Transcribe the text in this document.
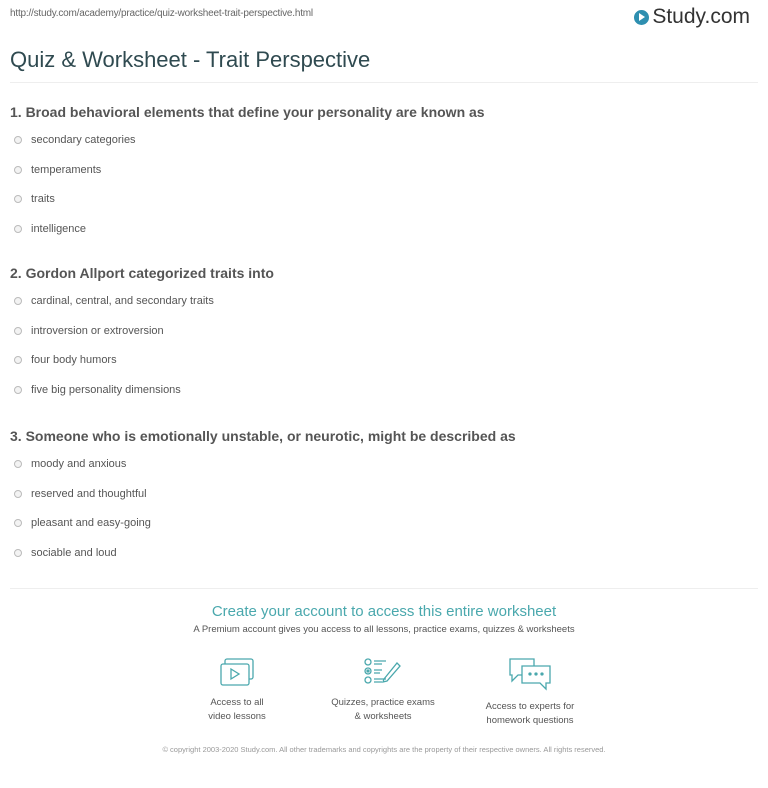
http://study.com/academy/practice/quiz-worksheet-trait-perspective.html	Study.com
Quiz & Worksheet - Trait Perspective
1. Broad behavioral elements that define your personality are known as
secondary categories
temperaments
traits
intelligence
2. Gordon Allport categorized traits into
cardinal, central, and secondary traits
introversion or extroversion
four body humors
five big personality dimensions
3. Someone who is emotionally unstable, or neurotic, might be described as
moody and anxious
reserved and thoughtful
pleasant and easy-going
sociable and loud
Create your account to access this entire worksheet
A Premium account gives you access to all lessons, practice exams, quizzes & worksheets
Access to all
video lessons
Quizzes, practice exams
& worksheets
Access to experts for
homework questions
© copyright 2003-2020 Study.com. All other trademarks and copyrights are the property of their respective owners. All rights reserved.
